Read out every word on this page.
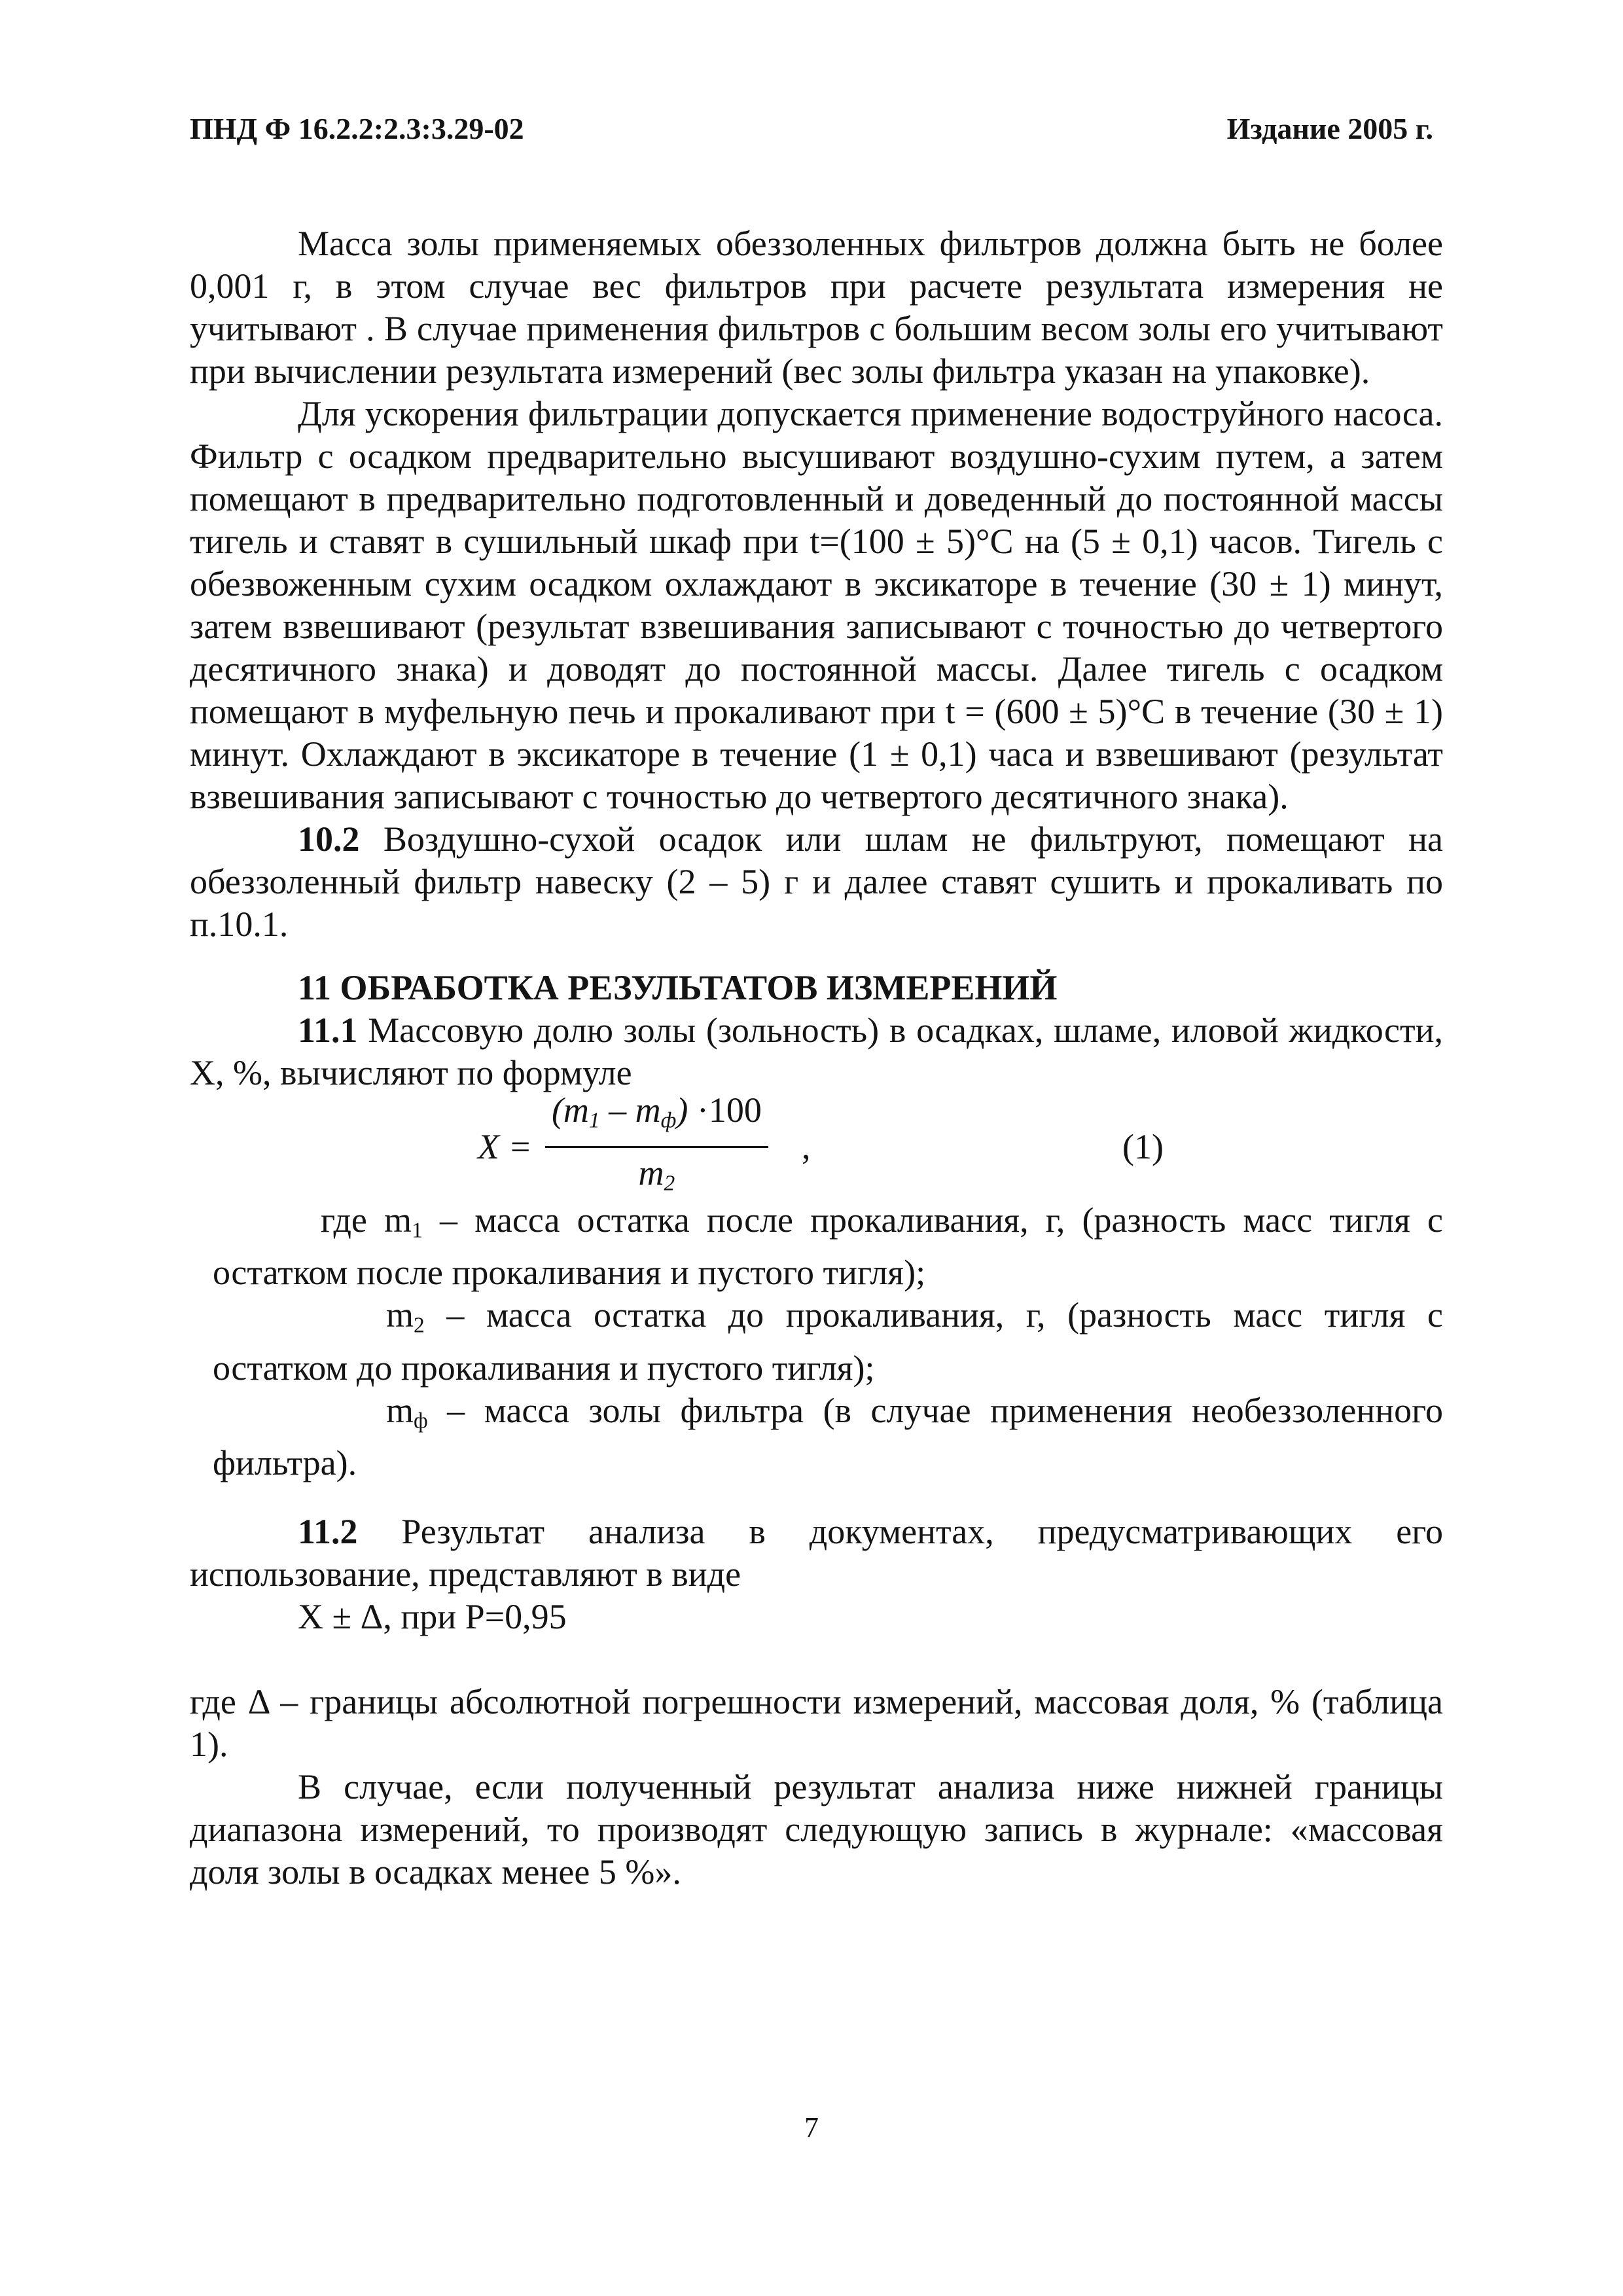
ПНД Ф 16.2.2:2.3:3.29-02	Издание 2005 г.

Масса золы применяемых обеззоленных фильтров должна быть не более 0,001 г, в этом случае вес фильтров при расчете результата измерения не учитывают . В случае применения фильтров с большим весом золы его учитывают при вычислении результата измерений (вес золы фильтра указан на упаковке).

Для ускорения фильтрации допускается применение водоструйного насоса. Фильтр с осадком предварительно высушивают воздушно-сухим путем, а затем помещают в предварительно подготовленный и доведенный до постоянной массы тигель и ставят в сушильный шкаф при t=(100 ± 5)°С на (5 ± 0,1) часов. Тигель с обезвоженным сухим осадком охлаждают в эксикаторе в течение (30 ± 1) минут, затем взвешивают (результат взвешивания записывают с точностью до четвертого десятичного знака) и доводят до постоянной массы. Далее тигель с осадком помещают в муфельную печь и прокаливают при t = (600 ± 5)°С в течение (30 ± 1) минут. Охлаждают в эксикаторе в течение (1 ± 0,1) часа и взвешивают (результат взвешивания записывают с точностью до четвертого десятичного знака).

10.2 Воздушно-сухой осадок или шлам не фильтруют, помещают на обеззоленный фильтр навеску (2 – 5) г и далее ставят сушить и прокаливать по п.10.1.

11 ОБРАБОТКА РЕЗУЛЬТАТОВ ИЗМЕРЕНИЙ

11.1 Массовую долю золы (зольность) в осадках, шламе, иловой жидкости, X, %, вычисляют по формуле

$X = \frac{(m_1 - m_ф) \cdot 100}{m_2}$ ,	(1)

где $m_1$ – масса остатка после прокаливания, г, (разность масс тигля с остатком после прокаливания и пустого тигля);

$m_2$ – масса остатка до прокаливания, г, (разность масс тигля с остатком до прокаливания и пустого тигля);

$m_ф$ – масса золы фильтра (в случае применения необеззоленного фильтра).

11.2 Результат анализа в документах, предусматривающих его использование, представляют в виде

X ± Δ, при Р=0,95

где Δ – границы абсолютной погрешности измерений, массовая доля, % (таблица 1).

В случае, если полученный результат анализа ниже нижней границы диапазона измерений, то производят следующую запись в журнале: «массовая доля золы в осадках менее 5 %».

7
